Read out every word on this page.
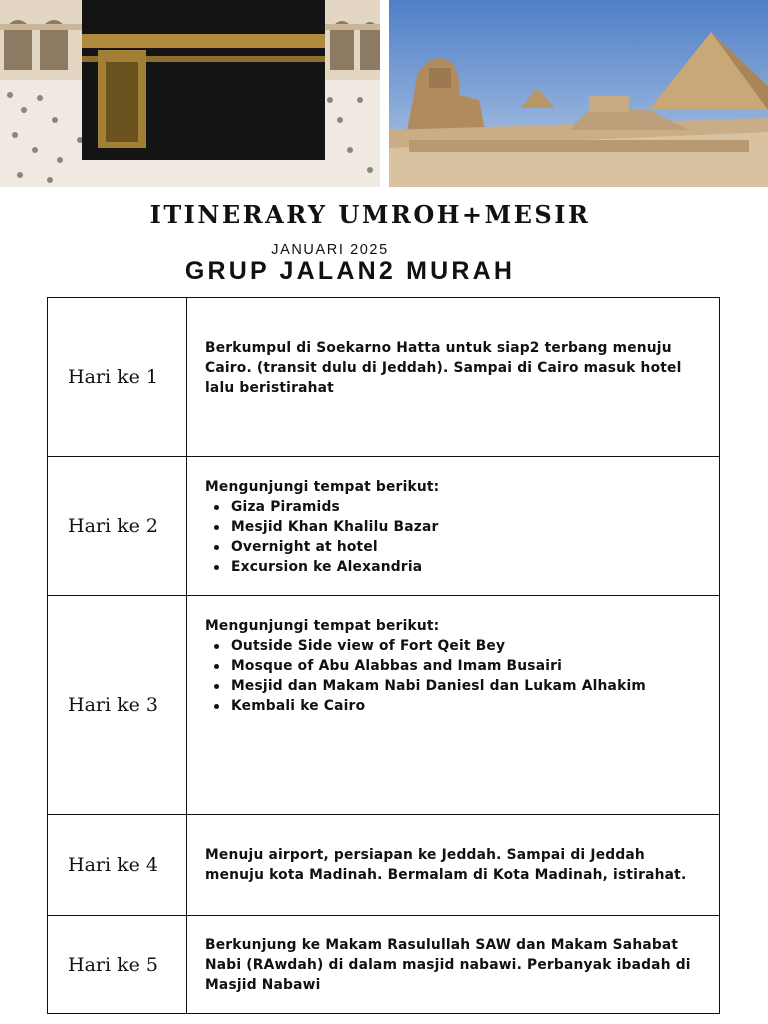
ITINERARY UMROH+MESIR
JANUARI 2025
GRUP JALAN2 MURAH
Hari ke 1

Berkumpul di Soekarno Hatta untuk siap2 terbang menuju Cairo. (transit dulu di Jeddah). Sampai di Cairo masuk hotel lalu beristirahat

Hari ke 2

Mengunjungi tempat berikut:

Giza Piramids
Mesjid Khan Khalilu Bazar
Overnight at hotel
Excursion ke Alexandria
Hari ke 3

Mengunjungi tempat berikut:

Outside Side view of Fort Qeit Bey
Mosque of Abu Alabbas and Imam Busairi
Mesjid dan Makam Nabi Daniesl dan Lukam Alhakim
Kembali ke Cairo
Hari ke 4	Menuju airport, persiapan ke Jeddah. Sampai di Jeddah menuju kota Madinah. Bermalam di Kota Madinah, istirahat.

Hari ke 5

Berkunjung ke Makam Rasulullah SAW dan Makam Sahabat Nabi (RAwdah) di dalam masjid nabawi. Perbanyak ibadah di Masjid Nabawi
